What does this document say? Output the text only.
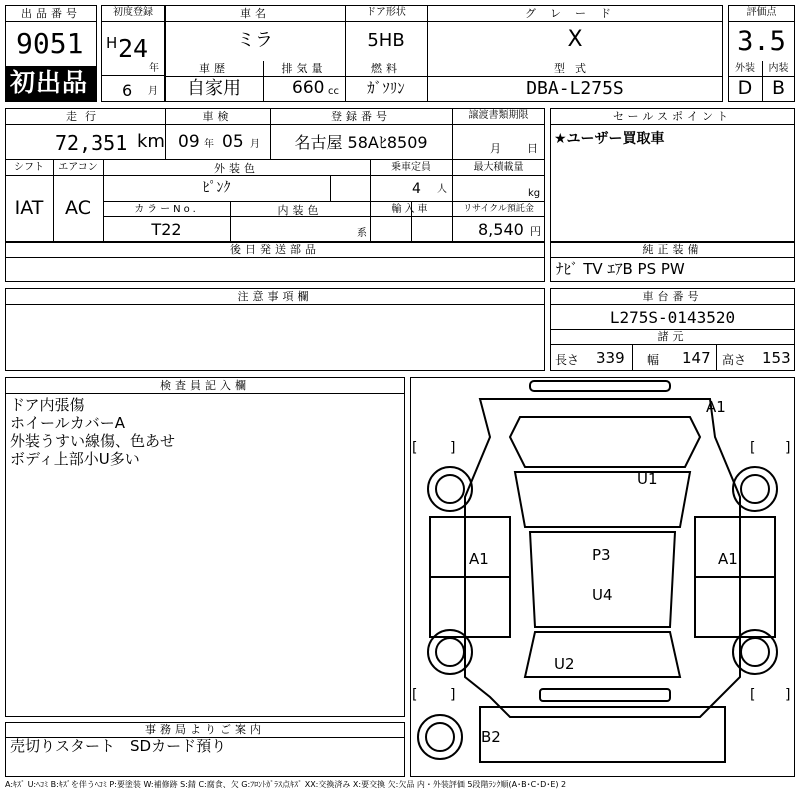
出品番号
9051
初出品
初度登録
H 24
年
6 月
車名
ミラ
ドア形状
5HB
グレード
X
車歴
自家用
排気量
660 cc
燃料
ｶﾞｿﾘﾝ
型式
DBA-L275S
評価点
3.5
外装
D
内装
B
走行
72,351 km
車検
09 年 05 月
登録番号
名古屋 58Aﾋ8509
譲渡書類期限
月 日
シフト
IAT
エアコン
AC
外装色
ﾋﾟﾝｸ
乗車定員
4 人
最大積載量
kg
カラーNo.
T22
内装色
系
輸入車	リサイクル預託金
8,540 円
セールスポイント
★ユーザー買取車
後日発送部品	純正装備
ﾅﾋﾞ TV ｴｱB PS PW
注意事項欄	車台番号
L275S-0143520
諸元
長さ 339 幅 147 高さ 153
検査員記入欄
ドア内張傷
ホイールカバーA
外装うすい線傷、色あせ
ボディ上部小U多い
事務局よりご案内
売切りスタート　SDカード預り
[ ]	[ ]
[ ]	[ ]
A1
U1
A1	A1
P3
U4
U2
B2
A:ｷｽﾞ U:ﾍｺﾐ B:ｷｽﾞを伴うﾍｺﾐ P:要塗装 W:補修跡 S:錆 C:腐食、欠 G:ﾌﾛﾝﾄｶﾞﾗｽ点ｷｽﾞ XX:交換済み X:要交換 欠:欠品 内・外装評価 5段階ﾗﾝｸ順(A･B･C･D･E) 2
